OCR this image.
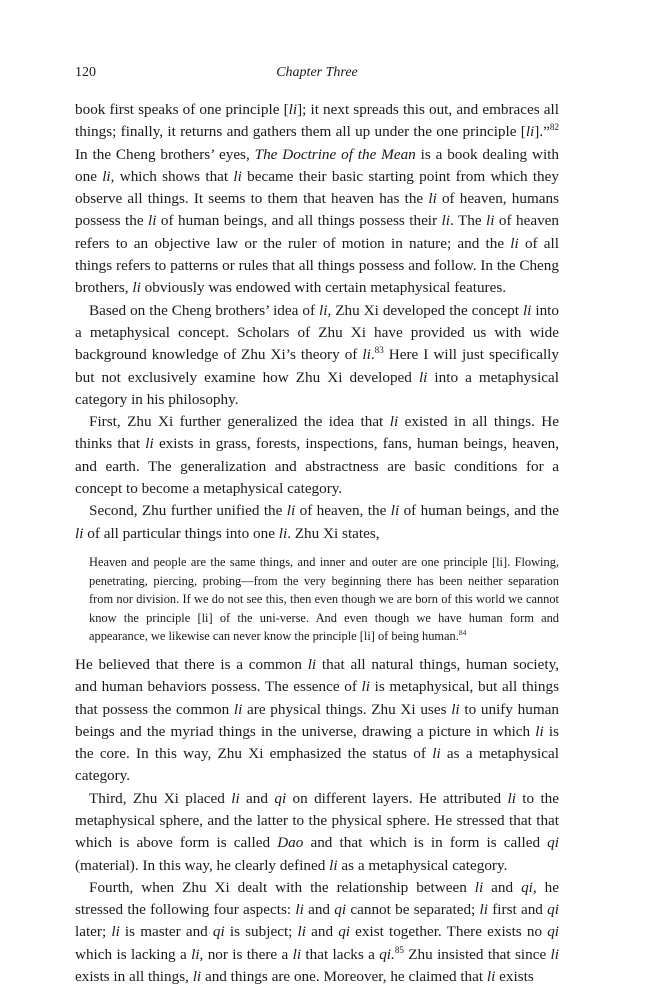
120	Chapter Three

book first speaks of one principle [li]; it next spreads this out, and embraces all things; finally, it returns and gathers them all up under the one principle [li].”$^{82}$ In the Cheng brothers’ eyes, The Doctrine of the Mean is a book dealing with one li, which shows that li became their basic starting point from which they observe all things. It seems to them that heaven has the li of heaven, humans possess the li of human beings, and all things possess their li. The li of heaven refers to an objective law or the ruler of motion in nature; and the li of all things refers to patterns or rules that all things possess and follow. In the Cheng brothers, li obviously was endowed with certain metaphysical features.

Based on the Cheng brothers’ idea of li, Zhu Xi developed the concept li into a metaphysical concept. Scholars of Zhu Xi have provided us with wide background knowledge of Zhu Xi’s theory of li.$^{83}$ Here I will just specifically but not exclusively examine how Zhu Xi developed li into a metaphysical category in his philosophy.

First, Zhu Xi further generalized the idea that li existed in all things. He thinks that li exists in grass, forests, inspections, fans, human beings, heaven, and earth. The generalization and abstractness are basic conditions for a concept to become a metaphysical category.

Second, Zhu further unified the li of heaven, the li of human beings, and the li of all particular things into one li. Zhu Xi states,

Heaven and people are the same things, and inner and outer are one principle [li]. Flowing, penetrating, piercing, probing—from the very beginning there has been neither separation from nor division. If we do not see this, then even though we are born of this world we cannot know the principle [li] of the uni-verse. And even though we have human form and appearance, we likewise can never know the principle [li] of being human.$^{84}$

He believed that there is a common li that all natural things, human society, and human behaviors possess. The essence of li is metaphysical, but all things that possess the common li are physical things. Zhu Xi uses li to unify human beings and the myriad things in the universe, drawing a picture in which li is the core. In this way, Zhu Xi emphasized the status of li as a metaphysical category.

Third, Zhu Xi placed li and qi on different layers. He attributed li to the metaphysical sphere, and the latter to the physical sphere. He stressed that that which is above form is called Dao and that which is in form is called qi (material). In this way, he clearly defined li as a metaphysical category.

Fourth, when Zhu Xi dealt with the relationship between li and qi, he stressed the following four aspects: li and qi cannot be separated; li first and qi later; li is master and qi is subject; li and qi exist together. There exists no qi which is lacking a li, nor is there a li that lacks a qi.$^{85}$ Zhu insisted that since li exists in all things, li and things are one. Moreover, he claimed that li exists
